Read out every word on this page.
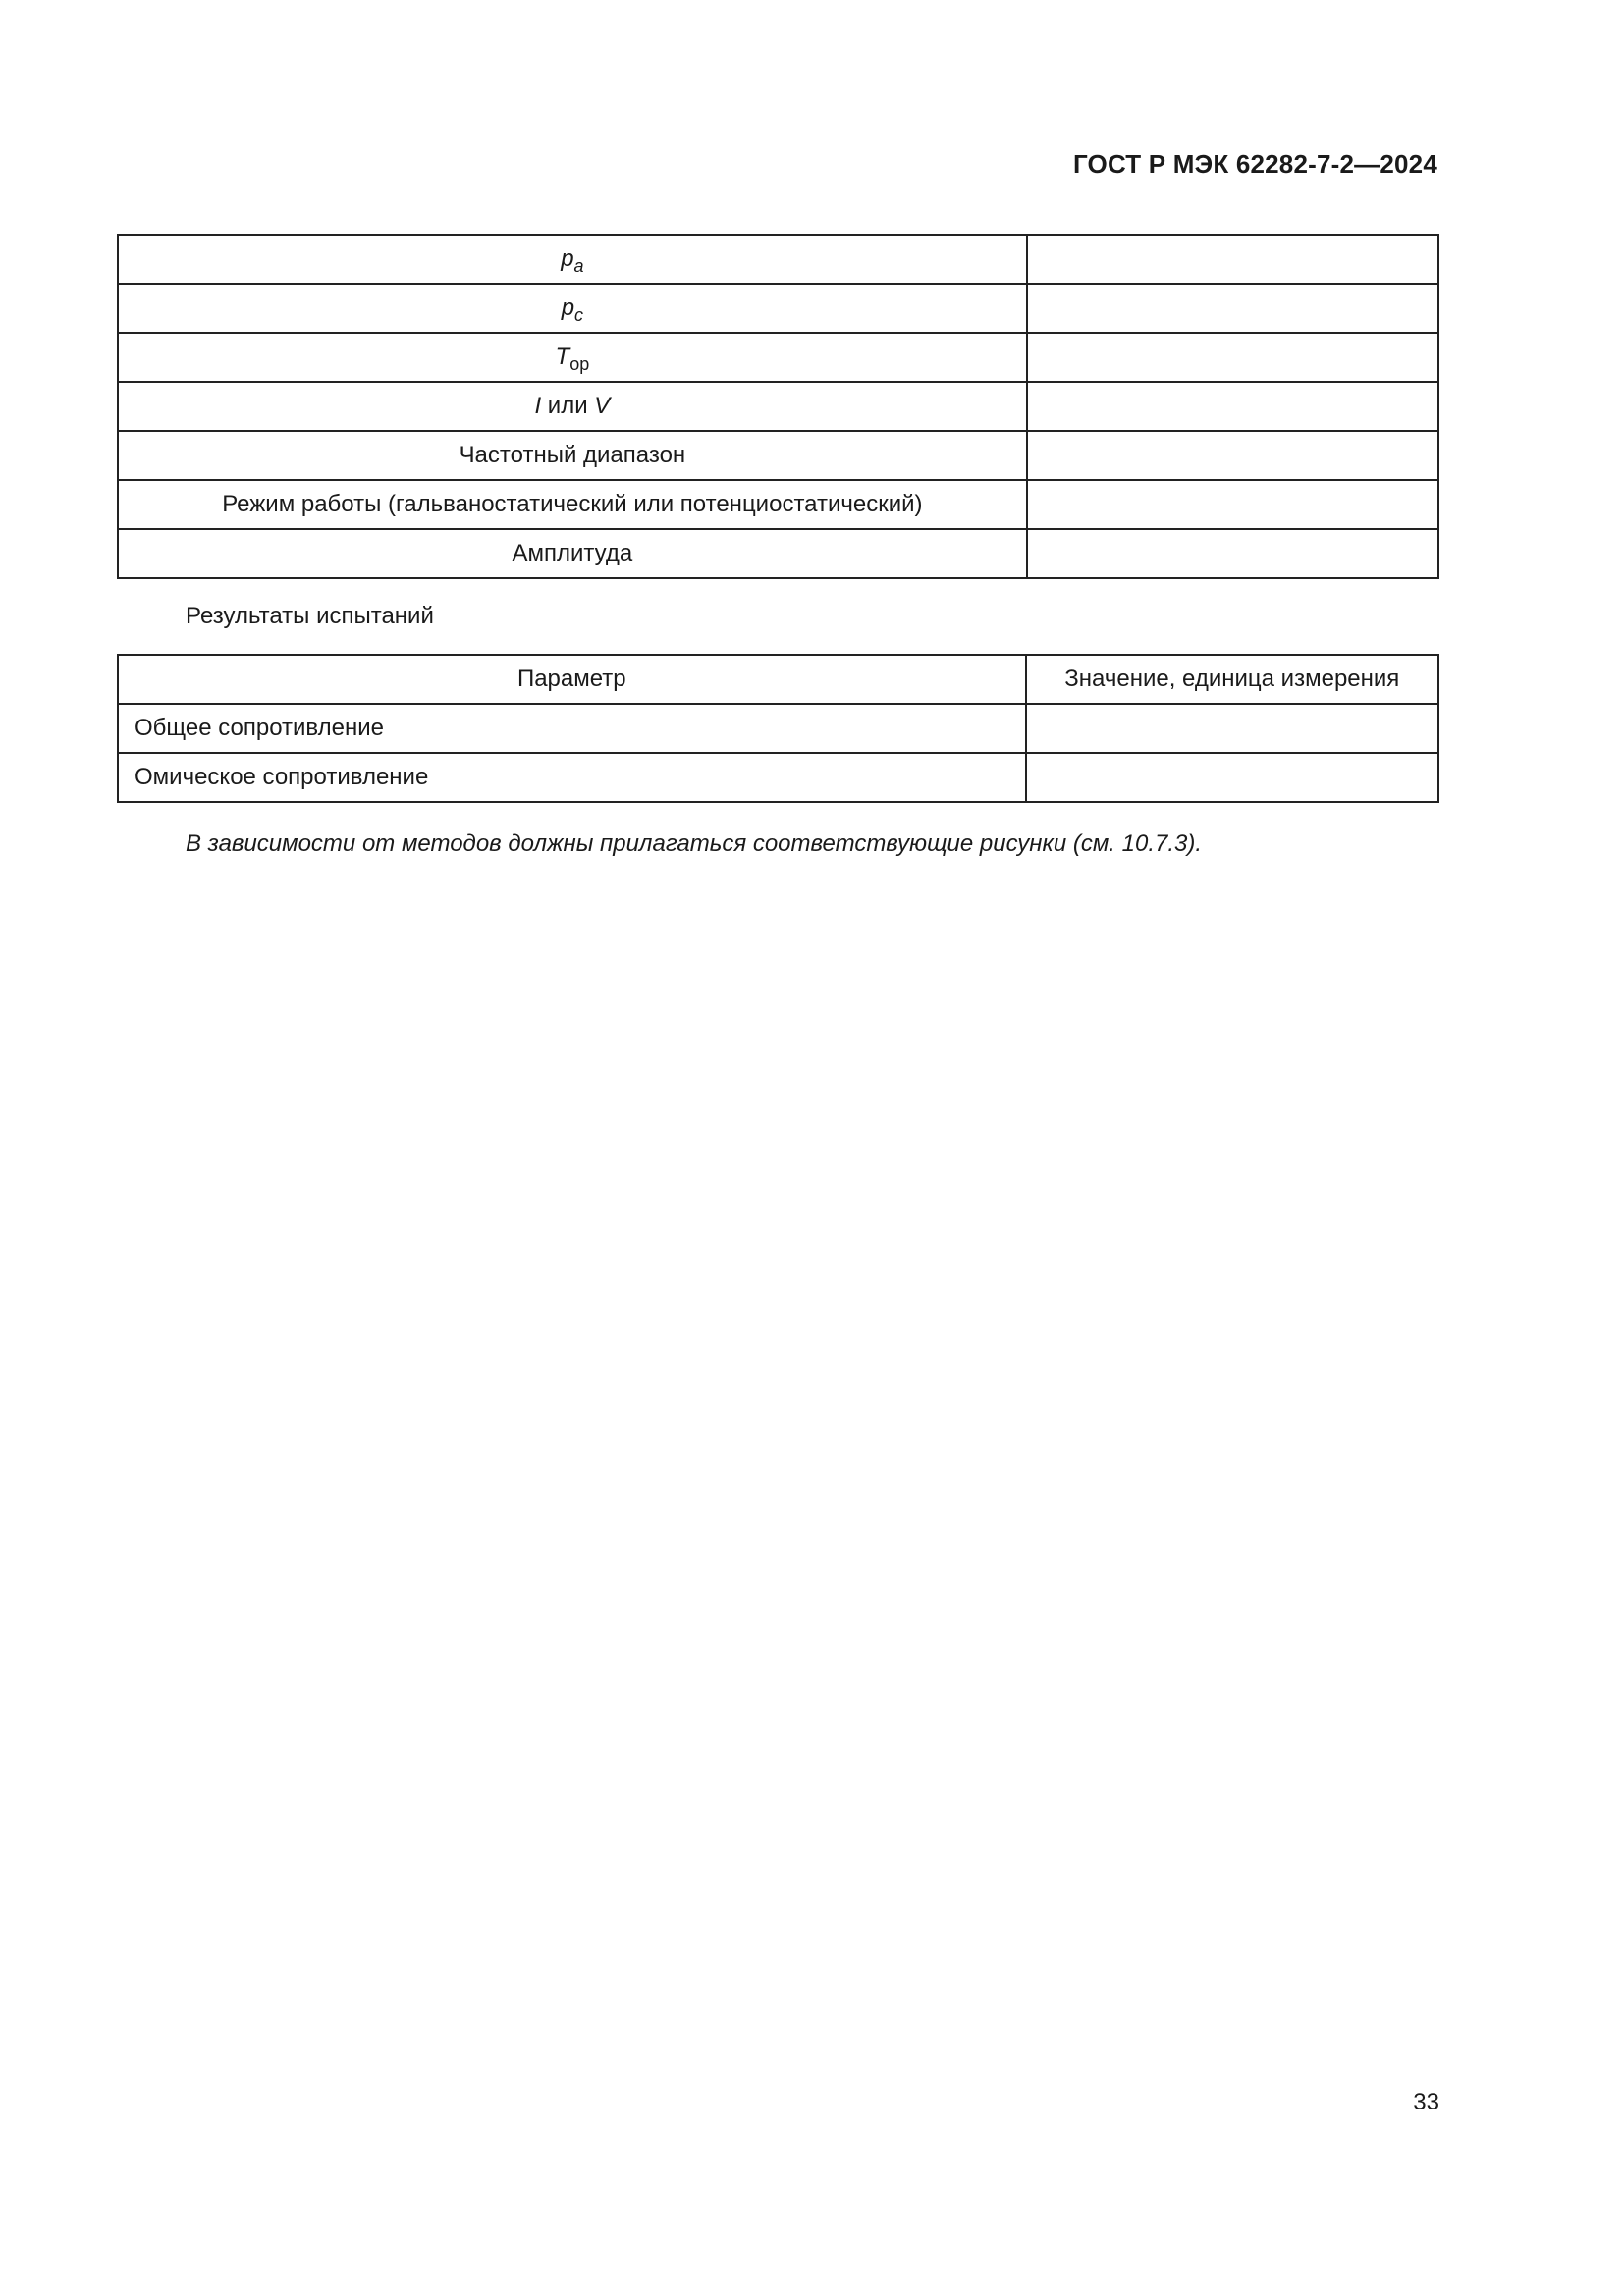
ГОСТ Р МЭК 62282-7-2—2024
$p_a$	
$p_c$	
$T_{op}$	
I или V	
Частотный диапазон	
Режим работы (гальваностатический или потенциостатический)	
Амплитуда	
Результаты испытаний
Параметр	Значение, единица измерения
Общее сопротивление	
Омическое сопротивление	
В зависимости от методов должны прилагаться соответствующие рисунки (см. 10.7.3).
33
